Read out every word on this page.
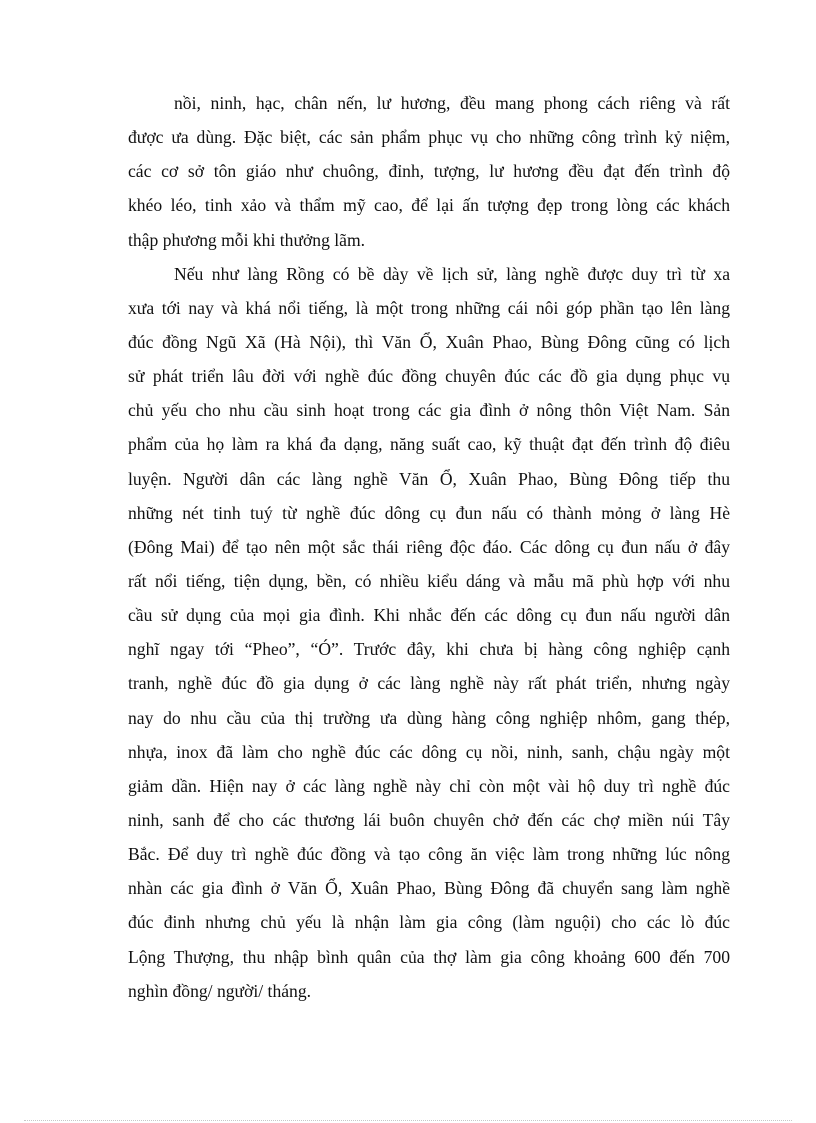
nồi, ninh, hạc, chân nến, lư hương, đều mang phong cách riêng và rất
được ưa dùng. Đặc biệt, các sản phẩm phục vụ cho những công trình kỷ niệm,
các cơ sở tôn giáo như chuông, đỉnh, tượng, lư hương đều đạt đến trình độ
khéo léo, tinh xảo và thẩm mỹ cao, để lại ấn tượng đẹp trong lòng các khách
thập phương mỗi khi thưởng lãm.
Nếu như làng Rồng có bề dày về lịch sử, làng nghề được duy trì từ xa
xưa tới nay và khá nổi tiếng, là một trong những cái nôi góp phần tạo lên làng
đúc đồng Ngũ Xã (Hà Nội), thì Văn Ổ, Xuân Phao, Bùng Đông cũng có lịch
sử phát triển lâu đời với nghề đúc đồng chuyên đúc các đồ gia dụng phục vụ
chủ yếu cho nhu cầu sinh hoạt trong các gia đình ở nông thôn Việt Nam. Sản
phẩm của họ làm ra khá đa dạng, năng suất cao, kỹ thuật đạt đến trình độ điêu
luyện. Người dân các làng nghề Văn Ổ, Xuân Phao, Bùng Đông tiếp thu
những nét tinh tuý từ nghề đúc dông cụ đun nấu có thành mỏng ở làng Hè
(Đông Mai) để tạo nên một sắc thái riêng độc đáo. Các dông cụ đun nấu ở đây
rất nổi tiếng, tiện dụng, bền, có nhiều kiểu dáng và mẫu mã phù hợp với nhu
cầu sử dụng của mọi gia đình. Khi nhắc đến các dông cụ đun nấu người dân
nghĩ ngay tới “Pheo”, “Ó”. Trước đây, khi chưa bị hàng công nghiệp cạnh
tranh, nghề đúc đồ gia dụng ở các làng nghề này rất phát triển, nhưng ngày
nay do nhu cầu của thị trường ưa dùng hàng công nghiệp nhôm, gang thép,
nhựa, inox đã làm cho nghề đúc các dông cụ nồi, ninh, sanh, chậu ngày một
giảm dần. Hiện nay ở các làng nghề này chỉ còn một vài hộ duy trì nghề đúc
ninh, sanh để cho các thương lái buôn chuyên chở đến các chợ miền núi Tây
Bắc. Để duy trì nghề đúc đồng và tạo công ăn việc làm trong những lúc nông
nhàn các gia đình ở Văn Ổ, Xuân Phao, Bùng Đông đã chuyển sang làm nghề
đúc đinh nhưng chủ yếu là nhận làm gia công (làm nguội) cho các lò đúc
Lộng Thượng, thu nhập bình quân của thợ làm gia công khoảng 600 đến 700
nghìn đồng/ người/ tháng.
